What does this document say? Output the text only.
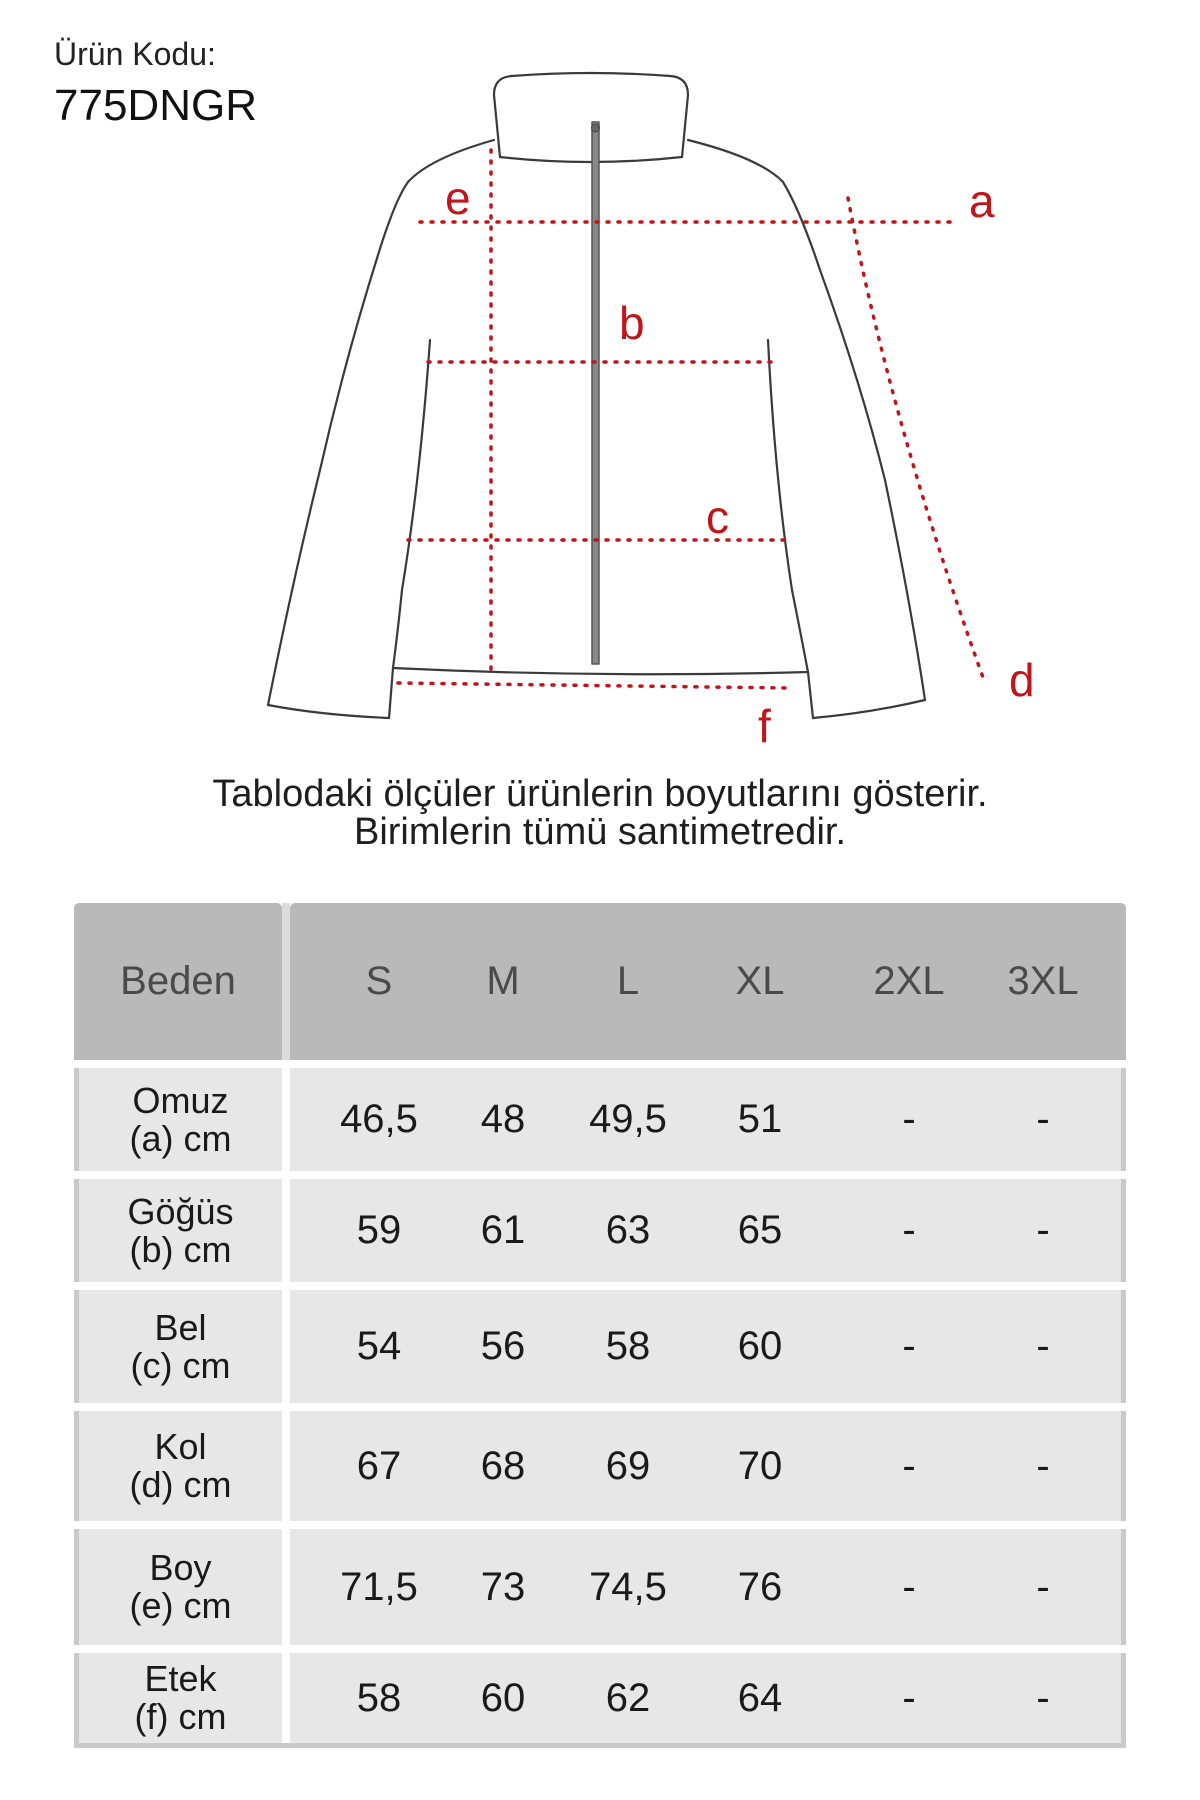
Ürün Kodu:
775DNGR
a
b
c
d
e
f
Tablodaki ölçüler ürünlerin boyutlarını gösterir.
Birimlerin tümü santimetredir.
Beden	S	M	L	XL	2XL	3XL
Omuz
(a) cm	46,5	48	49,5	51	-	-
Göğüs
(b) cm	59	61	63	65	-	-
Bel
(c) cm	54	56	58	60	-	-
Kol
(d) cm	67	68	69	70	-	-
Boy
(e) cm	71,5	73	74,5	76	-	-
Etek
(f) cm	58	60	62	64	-	-
